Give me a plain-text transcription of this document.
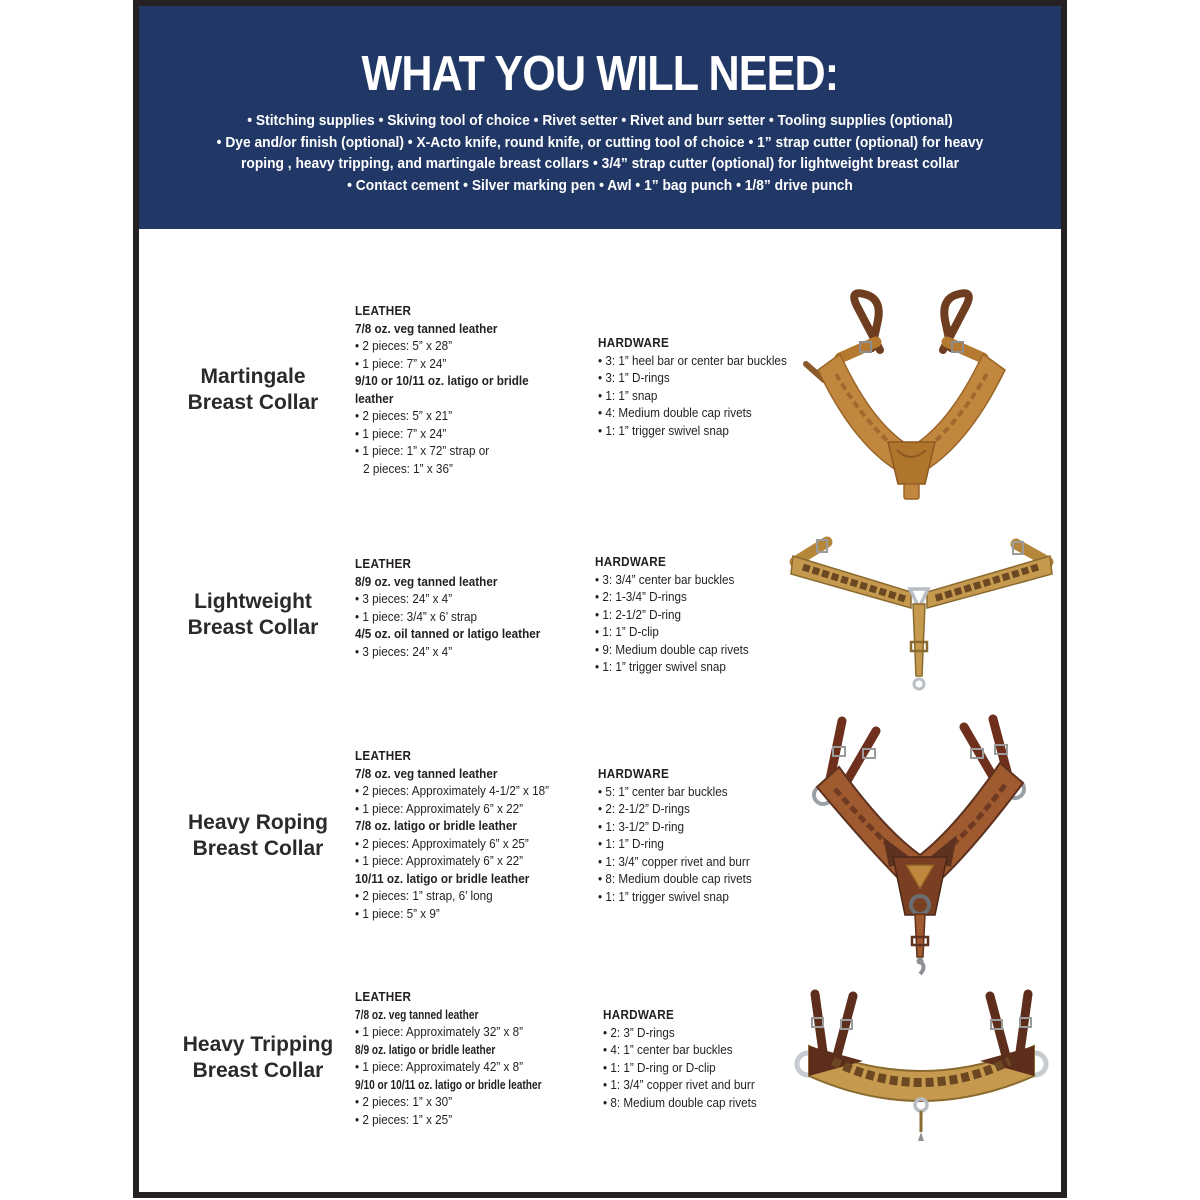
WHAT YOU WILL NEED:
• Stitching supplies • Skiving tool of choice • Rivet setter • Rivet and burr setter • Tooling supplies (optional)
• Dye and/or finish (optional) • X-Acto knife, round knife, or cutting tool of choice • 1” strap cutter (optional) for heavy
roping , heavy tripping, and martingale breast collars • 3/4” strap cutter (optional) for lightweight breast collar
• Contact cement • Silver marking pen • Awl • 1” bag punch • 1/8” drive punch
Martingale
Breast Collar
LEATHER
7/8 oz. veg tanned leather
• 2 pieces: 5” x 28”
• 1 piece: 7” x 24”
9/10 or 10/11 oz. latigo or bridle
leather
• 2 pieces: 5” x 21”
• 1 piece: 7” x 24”
• 1 piece: 1” x 72” strap or
2 pieces: 1” x 36”
HARDWARE
• 3: 1” heel bar or center bar buckles
• 3: 1” D-rings
• 1: 1” snap
• 4: Medium double cap rivets
• 1: 1” trigger swivel snap
Lightweight
Breast Collar
LEATHER
8/9 oz. veg tanned leather
• 3 pieces: 24” x 4”
• 1 piece: 3/4” x 6’ strap
4/5 oz. oil tanned or latigo leather
• 3 pieces: 24” x 4”
HARDWARE
• 3: 3/4” center bar buckles
• 2: 1-3/4” D-rings
• 1: 2-1/2” D-ring
• 1: 1” D-clip
• 9: Medium double cap rivets
• 1: 1” trigger swivel snap
Heavy Roping
Breast Collar
LEATHER
7/8 oz. veg tanned leather
• 2 pieces: Approximately 4-1/2” x 18”
• 1 piece: Approximately 6” x 22”
7/8 oz. latigo or bridle leather
• 2 pieces: Approximately 6” x 25”
• 1 piece: Approximately 6” x 22”
10/11 oz. latigo or bridle leather
• 2 pieces: 1” strap, 6’ long
• 1 piece: 5” x 9”
HARDWARE
• 5: 1” center bar buckles
• 2: 2-1/2” D-rings
• 1: 3-1/2” D-ring
• 1: 1” D-ring
• 1: 3/4” copper rivet and burr
• 8: Medium double cap rivets
• 1: 1” trigger swivel snap
Heavy Tripping
Breast Collar
LEATHER
7/8 oz. veg tanned leather
• 1 piece: Approximately 32” x 8”
8/9 oz. latigo or bridle leather
• 1 piece: Approximately 42” x 8”
9/10 or 10/11 oz. latigo or bridle leather
• 2 pieces: 1” x 30”
• 2 pieces: 1” x 25”
HARDWARE
• 2: 3” D-rings
• 4: 1” center bar buckles
• 1: 1” D-ring or D-clip
• 1: 3/4” copper rivet and burr
• 8: Medium double cap rivets
